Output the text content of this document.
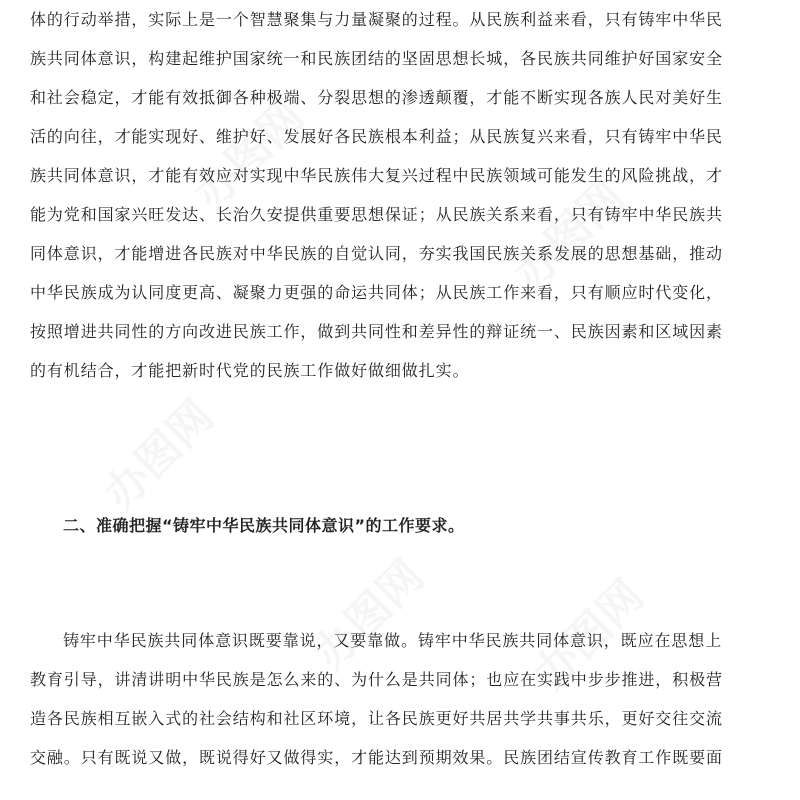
办图网
办图网
办图网
办图网 办图网
体的行动举措，实际上是一个智慧聚集与力量凝聚的过程。从民族利益来看，只有铸牢中华民
族共同体意识，构建起维护国家统一和民族团结的坚固思想长城，各民族共同维护好国家安全
和社会稳定，才能有效抵御各种极端、分裂思想的渗透颠覆，才能不断实现各族人民对美好生
活的向往，才能实现好、维护好、发展好各民族根本利益；从民族复兴来看，只有铸牢中华民
族共同体意识，才能有效应对实现中华民族伟大复兴过程中民族领域可能发生的风险挑战，才
能为党和国家兴旺发达、长治久安提供重要思想保证；从民族关系来看，只有铸牢中华民族共
同体意识，才能增进各民族对中华民族的自觉认同，夯实我国民族关系发展的思想基础，推动
中华民族成为认同度更高、凝聚力更强的命运共同体；从民族工作来看，只有顺应时代变化，
按照增进共同性的方向改进民族工作，做到共同性和差异性的辩证统一、民族因素和区域因素
的有机结合，才能把新时代党的民族工作做好做细做扎实。
二、准确把握“铸牢中华民族共同体意识”的工作要求。
铸牢中华民族共同体意识既要靠说，又要靠做。铸牢中华民族共同体意识，既应在思想上
教育引导，讲清讲明中华民族是怎么来的、为什么是共同体；也应在实践中步步推进，积极营
造各民族相互嵌入式的社会结构和社区环境，让各民族更好共居共学共事共乐，更好交往交流
交融。只有既说又做，既说得好又做得实，才能达到预期效果。民族团结宣传教育工作既要面
